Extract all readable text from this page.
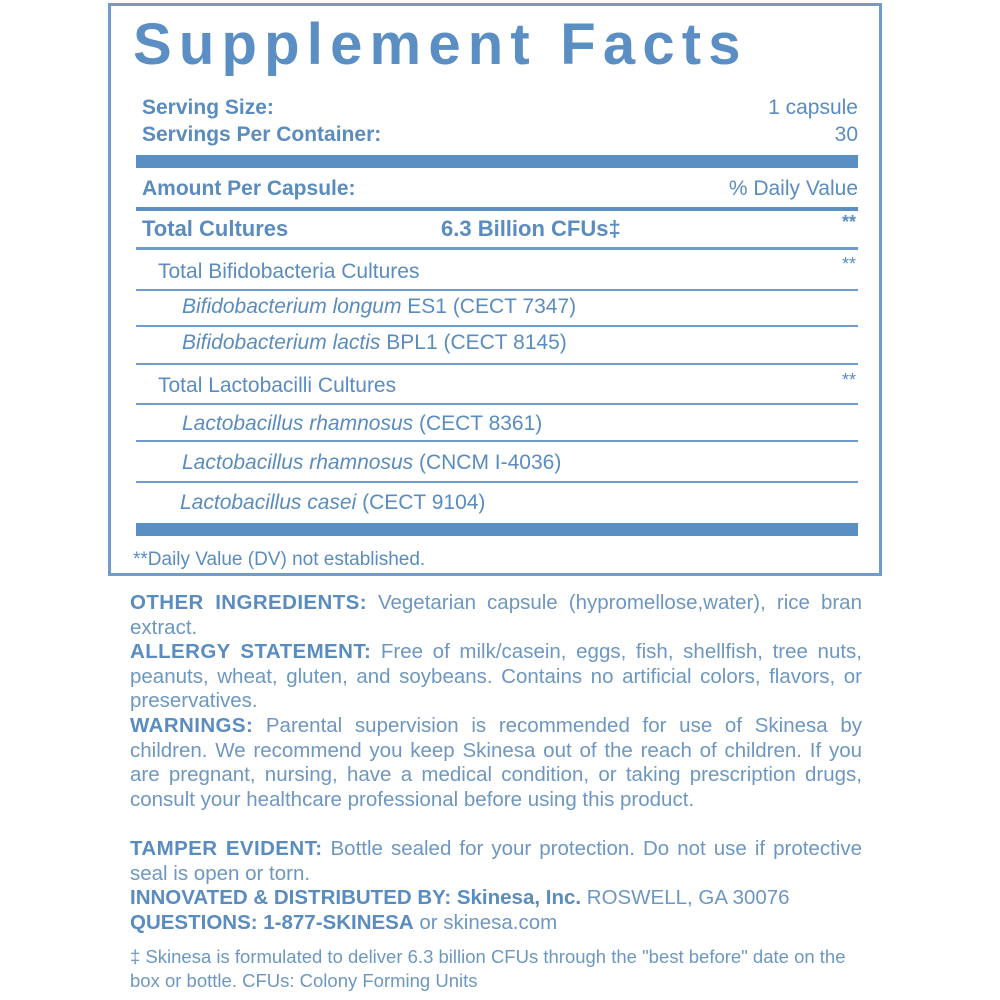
Supplement Facts
Serving Size:	1 capsule
Servings Per Container:	30
Amount Per Capsule:	% Daily Value
Total Cultures	6.3 Billion CFUs‡	**
Total Bifidobacteria Cultures	**
Bifidobacterium longum ES1 (CECT 7347)
Bifidobacterium lactis BPL1 (CECT 8145)
Total Lactobacilli Cultures	**
Lactobacillus rhamnosus (CECT 8361)
Lactobacillus rhamnosus (CNCM I-4036)
Lactobacillus casei (CECT 9104)
**Daily Value (DV) not established.
OTHER INGREDIENTS: Vegetarian capsule (hypromellose,water), rice bran extract.
ALLERGY STATEMENT: Free of milk/casein, eggs, fish, shellfish, tree nuts, peanuts, wheat, gluten, and soybeans. Contains no artificial colors, flavors, or preservatives.
WARNINGS: Parental supervision is recommended for use of Skinesa by children. We recommend you keep Skinesa out of the reach of children. If you are pregnant, nursing, have a medical condition, or taking prescription drugs, consult your healthcare professional before using this product.
TAMPER EVIDENT: Bottle sealed for your protection. Do not use if protective seal is open or torn.
INNOVATED & DISTRIBUTED BY: Skinesa, Inc. ROSWELL, GA 30076
QUESTIONS: 1-877-SKINESA or skinesa.com
‡ Skinesa is formulated to deliver 6.3 billion CFUs through the "best before" date on the box or bottle. CFUs: Colony Forming Units
